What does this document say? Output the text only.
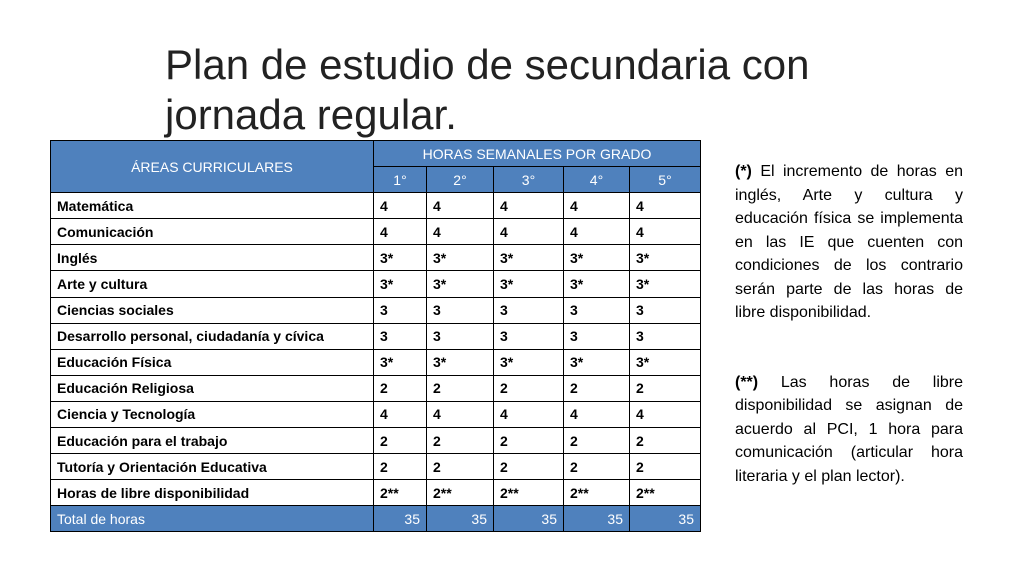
Plan de estudio de secundaria con
jornada regular.
ÁREAS CURRICULARES	HORAS SEMANALES POR GRADO				
	1°	2°	3°	4°	5°
Matemática	4	4	4	4	4
Comunicación	4	4	4	4	4
Inglés	3*	3*	3*	3*	3*
Arte y cultura	3*	3*	3*	3*	3*
Ciencias sociales	3	3	3	3	3
Desarrollo personal, ciudadanía y cívica	3	3	3	3	3
Educación Física	3*	3*	3*	3*	3*
Educación Religiosa	2	2	2	2	2
Ciencia y Tecnología	4	4	4	4	4
Educación para el trabajo	2	2	2	2	2
Tutoría y Orientación Educativa	2	2	2	2	2
Horas de libre disponibilidad	2**	2**	2**	2**	2**
Total de horas	35	35	35	35	35

(*) El incremento de horas en inglés, Arte y cultura y educación física se implementa en las IE que cuenten con condiciones de los contrario serán parte de las horas de libre disponibilidad.

(**) Las horas de libre disponibilidad se asignan de acuerdo al PCI, 1 hora para comunicación (articular hora literaria y el plan lector).
